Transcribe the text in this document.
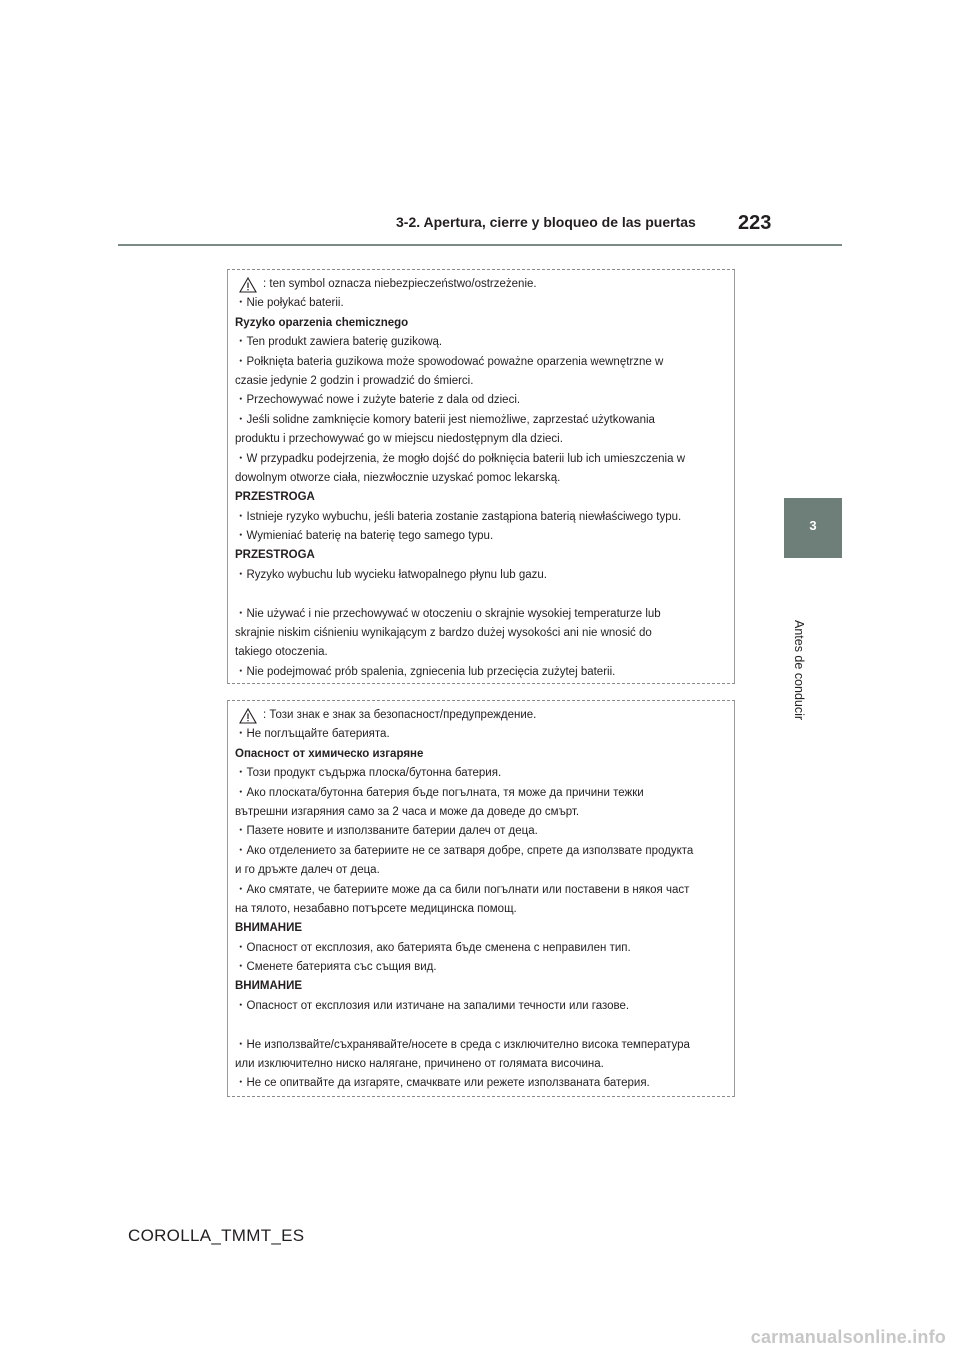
3-2. Apertura, cierre y bloqueo de las puertas 223
3
Antes de conducir
: ten symbol oznacza niebezpieczeństwo/ostrzeżenie.
・Nie połykać baterii.
Ryzyko oparzenia chemicznego
・Ten produkt zawiera baterię guzikową.
・Połknięta bateria guzikowa może spowodować poważne oparzenia wewnętrzne w
czasie jedynie 2 godzin i prowadzić do śmierci.
・Przechowywać nowe i zużyte baterie z dala od dzieci.
・Jeśli solidne zamknięcie komory baterii jest niemożliwe, zaprzestać użytkowania
produktu i przechowywać go w miejscu niedostępnym dla dzieci.
・W przypadku podejrzenia, że mogło dojść do połknięcia baterii lub ich umieszczenia w
dowolnym otworze ciała, niezwłocznie uzyskać pomoc lekarską.
PRZESTROGA
・Istnieje ryzyko wybuchu, jeśli bateria zostanie zastąpiona baterią niewłaściwego typu.
・Wymieniać baterię na baterię tego samego typu.
PRZESTROGA
・Ryzyko wybuchu lub wycieku łatwopalnego płynu lub gazu.
・Nie używać i nie przechowywać w otoczeniu o skrajnie wysokiej temperaturze lub
skrajnie niskim ciśnieniu wynikającym z bardzo dużej wysokości ani nie wnosić do
takiego otoczenia.
・Nie podejmować prób spalenia, zgniecenia lub przecięcia zużytej baterii.
: Този знак е знак за безопасност/предупреждение.
・Не поглъщайте батерията.
Опасност от химическо изгаряне
・Този продукт съдържа плоска/бутонна батерия.
・Ако плоската/бутонна батерия бъде погълната, тя може да причини тежки
вътрешни изгаряния само за 2 часа и може да доведе до смърт.
・Пазете новите и използваните батерии далеч от деца.
・Ако отделението за батериите не се затваря добре, спрете да използвате продукта
и го дръжте далеч от деца.
・Ако смятате, че батериите може да са били погълнати или поставени в някоя част
на тялото, незабавно потърсете медицинска помощ.
ВНИМАНИЕ
・Опасност от експлозия, ако батерията бъде сменена с неправилен тип.
・Сменете батерията със същия вид.
ВНИМАНИЕ
・Опасност от експлозия или изтичане на запалими течности или газове.
・Не използвайте/съхранявайте/носете в среда с изключително висока температура
или изключително ниско налягане, причинено от голямата височина.
・Не се опитвайте да изгаряте, смачквате или режете използваната батерия.
COROLLA_TMMT_ES
carmanualsonline.info
